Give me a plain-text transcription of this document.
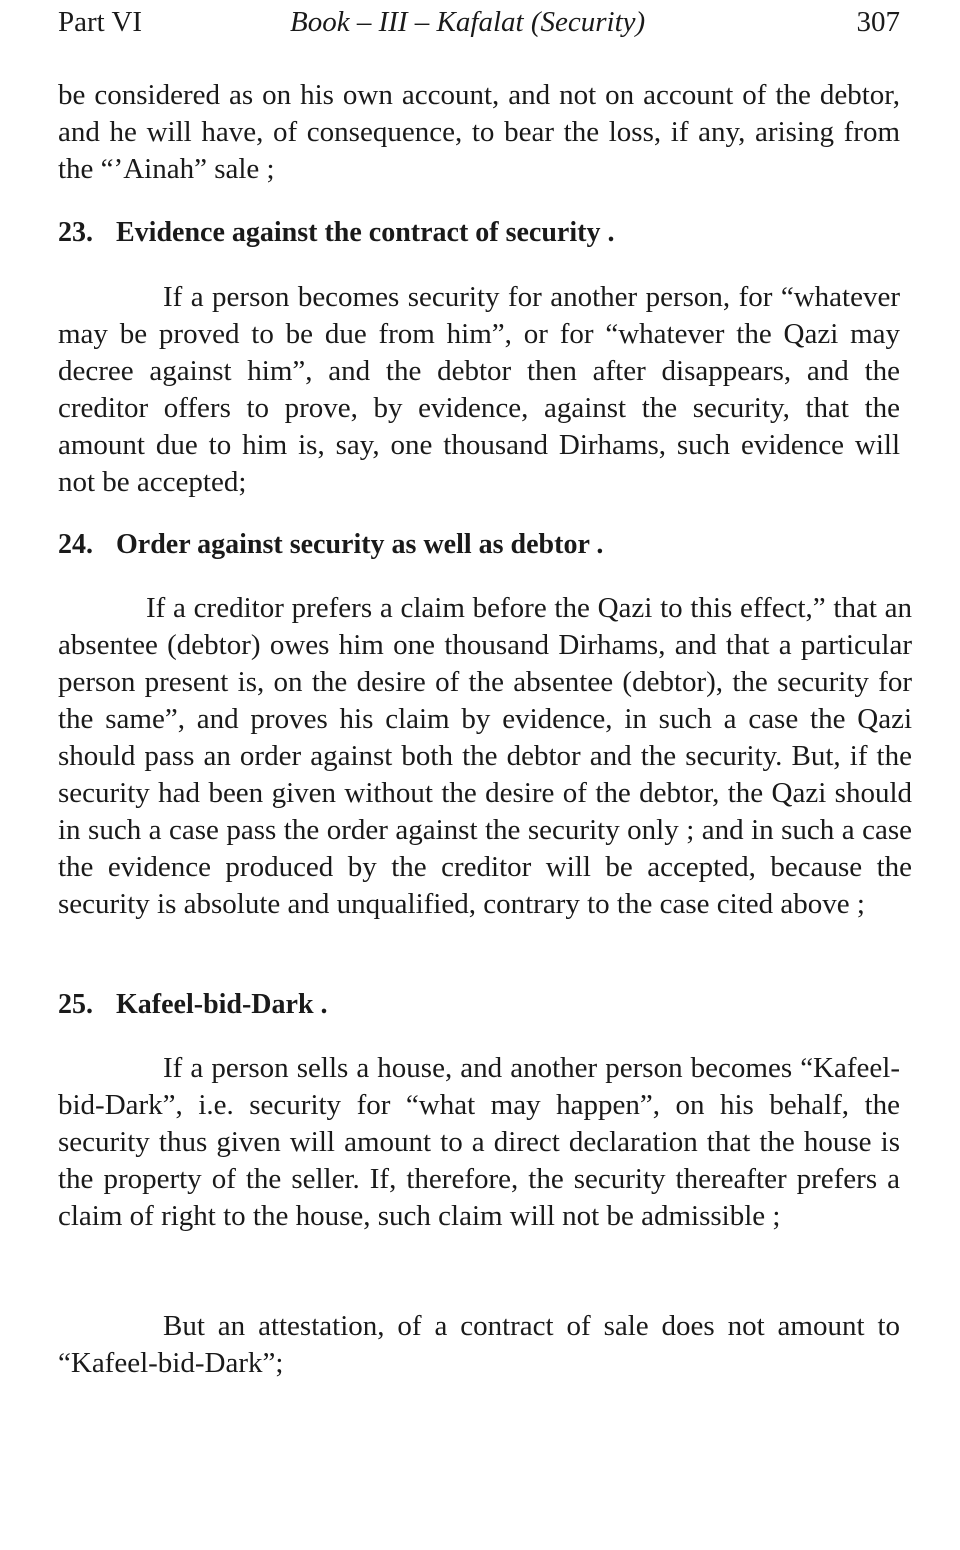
Part VI	Book – III – Kafalat (Security)	307

be considered as on his own account, and not on account of the debtor, and he will have, of consequence, to bear the loss, if any, arising from the “’Ainah” sale ;

23. Evidence against the contract of security .

If a person becomes security for another person, for “whatever may be proved to be due from him”, or for “whatever the Qazi may decree against him”, and the debtor then after disappears, and the creditor offers to prove, by evidence, against the security, that the amount due to him is, say, one thousand Dirhams, such evidence will not be accepted;

24. Order against security as well as debtor .

If a creditor prefers a claim before the Qazi to this effect,” that an absentee (debtor) owes him one thousand Dirhams, and that a particular person present is, on the desire of the absentee (debtor), the security for the same”, and proves his claim by evidence, in such a case the Qazi should pass an order against both the debtor and the security. But, if the security had been given without the desire of the debtor, the Qazi should in such a case pass the order against the security only ; and in such a case the evidence produced by the creditor will be accepted, because the security is absolute and unqualified, contrary to the case cited above ;

25. Kafeel-bid-Dark .

If a person sells a house, and another person becomes “Kafeel-bid-Dark”, i.e. security for “what may happen”, on his behalf, the security thus given will amount to a direct declaration that the house is the property of the seller. If, therefore, the security thereafter prefers a claim of right to the house, such claim will not be admissible ;

But an attestation, of a contract of sale does not amount to “Kafeel-bid-Dark”;
